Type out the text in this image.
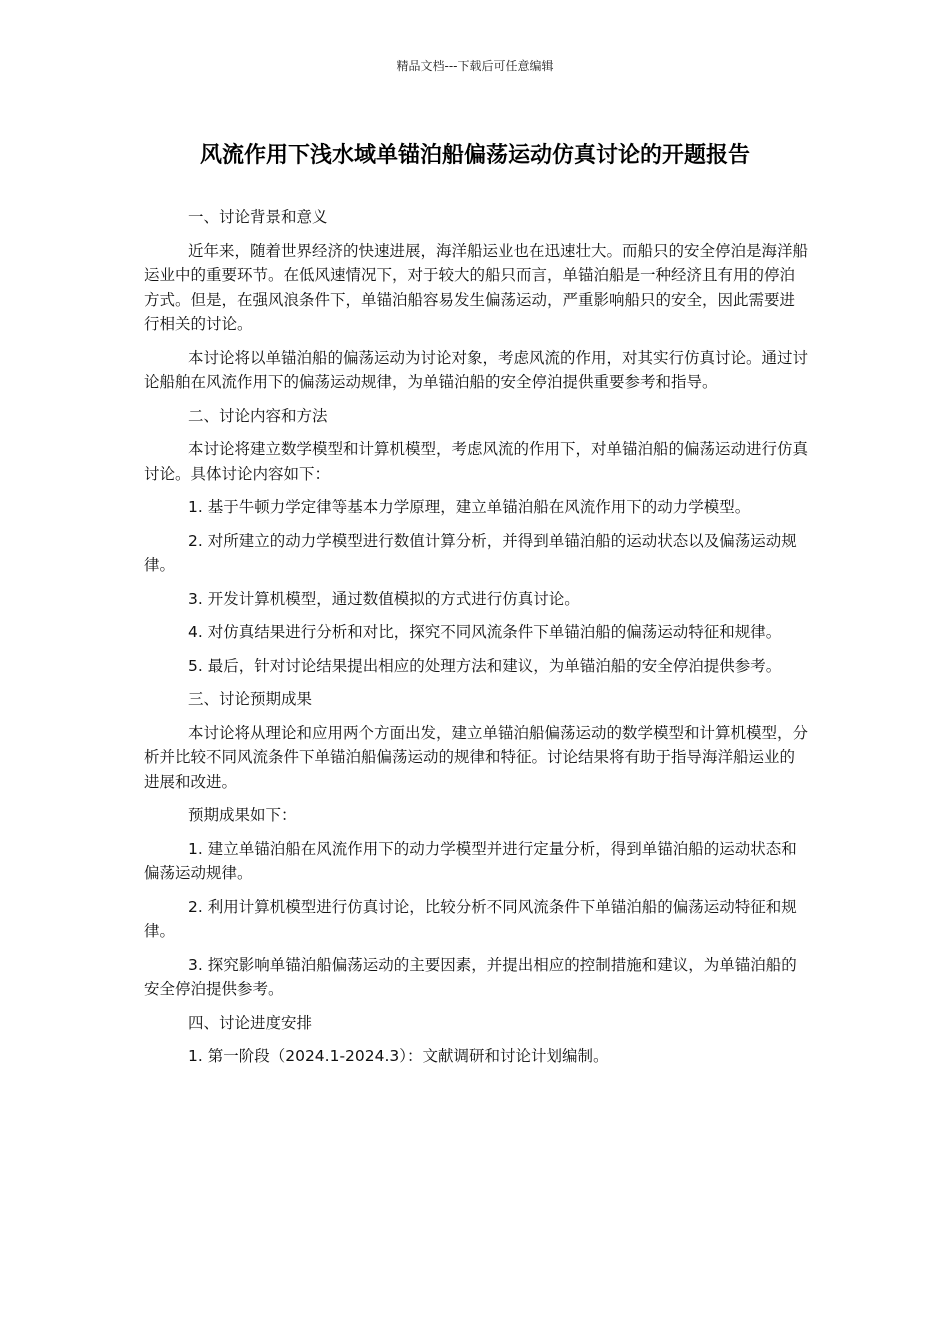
精品文档---下载后可任意编辑
风流作用下浅水域单锚泊船偏荡运动仿真讨论的开题报告

一、讨论背景和意义

近年来，随着世界经济的快速进展，海洋船运业也在迅速壮大。而船只的安全停泊是海洋船运业中的重要环节。在低风速情况下，对于较大的船只而言，单锚泊船是一种经济且有用的停泊方式。但是，在强风浪条件下，单锚泊船容易发生偏荡运动，严重影响船只的安全，因此需要进行相关的讨论。

本讨论将以单锚泊船的偏荡运动为讨论对象，考虑风流的作用，对其实行仿真讨论。通过讨论船舶在风流作用下的偏荡运动规律，为单锚泊船的安全停泊提供重要参考和指导。

二、讨论内容和方法

本讨论将建立数学模型和计算机模型，考虑风流的作用下，对单锚泊船的偏荡运动进行仿真讨论。具体讨论内容如下：

1. 基于牛顿力学定律等基本力学原理，建立单锚泊船在风流作用下的动力学模型。

2. 对所建立的动力学模型进行数值计算分析，并得到单锚泊船的运动状态以及偏荡运动规律。

3. 开发计算机模型，通过数值模拟的方式进行仿真讨论。

4. 对仿真结果进行分析和对比，探究不同风流条件下单锚泊船的偏荡运动特征和规律。

5. 最后，针对讨论结果提出相应的处理方法和建议，为单锚泊船的安全停泊提供参考。

三、讨论预期成果

本讨论将从理论和应用两个方面出发，建立单锚泊船偏荡运动的数学模型和计算机模型，分析并比较不同风流条件下单锚泊船偏荡运动的规律和特征。讨论结果将有助于指导海洋船运业的进展和改进。

预期成果如下：

1. 建立单锚泊船在风流作用下的动力学模型并进行定量分析，得到单锚泊船的运动状态和偏荡运动规律。

2. 利用计算机模型进行仿真讨论，比较分析不同风流条件下单锚泊船的偏荡运动特征和规律。

3. 探究影响单锚泊船偏荡运动的主要因素，并提出相应的控制措施和建议，为单锚泊船的安全停泊提供参考。

四、讨论进度安排

1. 第一阶段（2024.1-2024.3）：文献调研和讨论计划编制。
